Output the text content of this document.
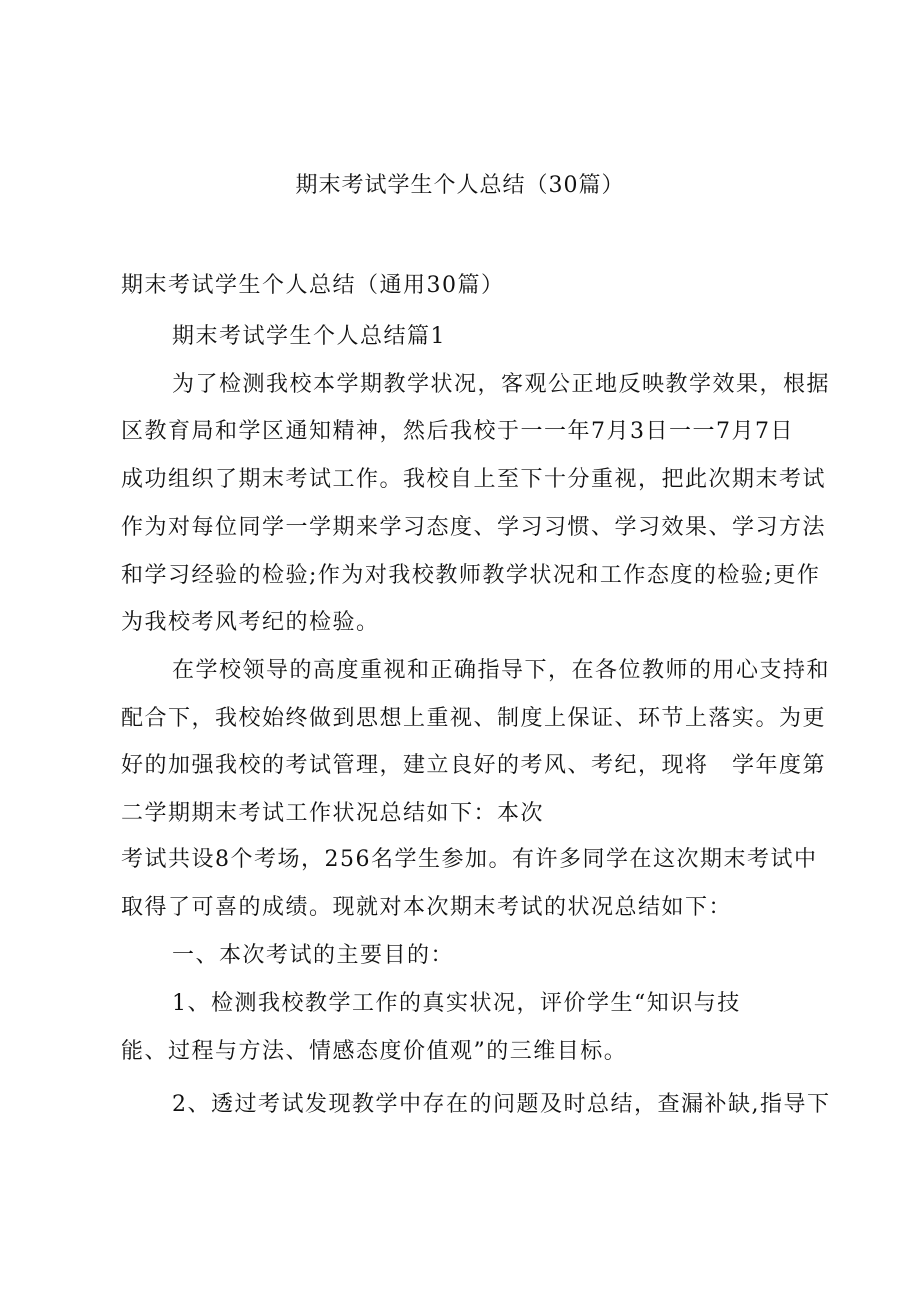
期末考试学生个人总结（30篇）
期末考试学生个人总结（通用30篇）
期末考试学生个人总结篇1
为了检测我校本学期教学状况，客观公正地反映教学效果，根据
区教育局和学区通知精神，然后我校于一一年7月3日一一7月7日
成功组织了期末考试工作。我校自上至下十分重视，把此次期末考试
作为对每位同学一学期来学习态度、学习习惯、学习效果、学习方法
和学习经验的检验;作为对我校教师教学状况和工作态度的检验;更作
为我校考风考纪的检验。
在学校领导的高度重视和正确指导下，在各位教师的用心支持和
配合下，我校始终做到思想上重视、制度上保证、环节上落实。为更
好的加强我校的考试管理，建立良好的考风、考纪，现将　学年度第
二学期期末考试工作状况总结如下：本次
考试共设8个考场，256名学生参加。有许多同学在这次期末考试中
取得了可喜的成绩。现就对本次期末考试的状况总结如下：
一、本次考试的主要目的：
1、检测我校教学工作的真实状况，评价学生“知识与技
能、过程与方法、情感态度价值观”的三维目标。
2、透过考试发现教学中存在的问题及时总结，查漏补缺,指导下
